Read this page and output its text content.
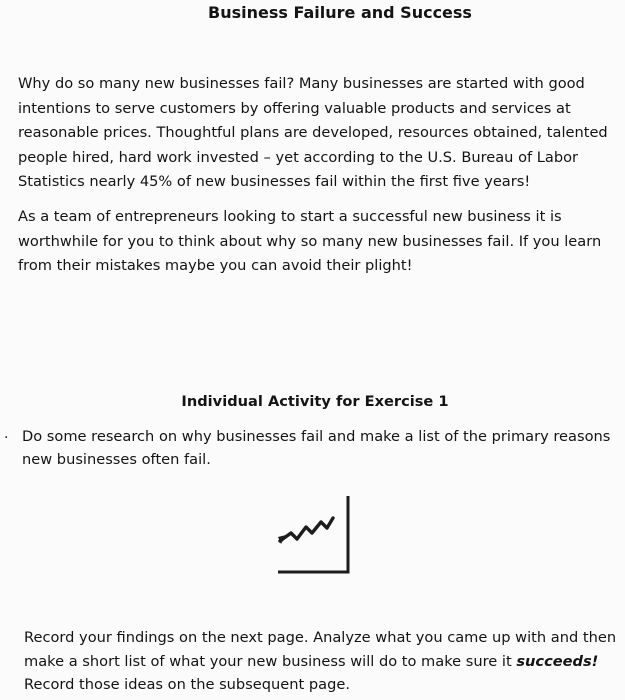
Business Failure and Success

Why do so many new businesses fail? Many businesses are started with good intentions to serve customers by offering valuable products and services at reasonable prices. Thoughtful plans are developed, resources obtained, talented people hired, hard work invested – yet according to the U.S. Bureau of Labor Statistics nearly 45% of new businesses fail within the first five years!

As a team of entrepreneurs looking to start a successful new business it is worthwhile for you to think about why so many new businesses fail. If you learn from their mistakes maybe you can avoid their plight!

Individual Activity for Exercise 1
. Do some research on why businesses fail and make a list of the primary reasons new businesses often fail.

Record your findings on the next page. Analyze what you came up with and then make a short list of what your new business will do to make sure it succeeds! Record those ideas on the subsequent page.
